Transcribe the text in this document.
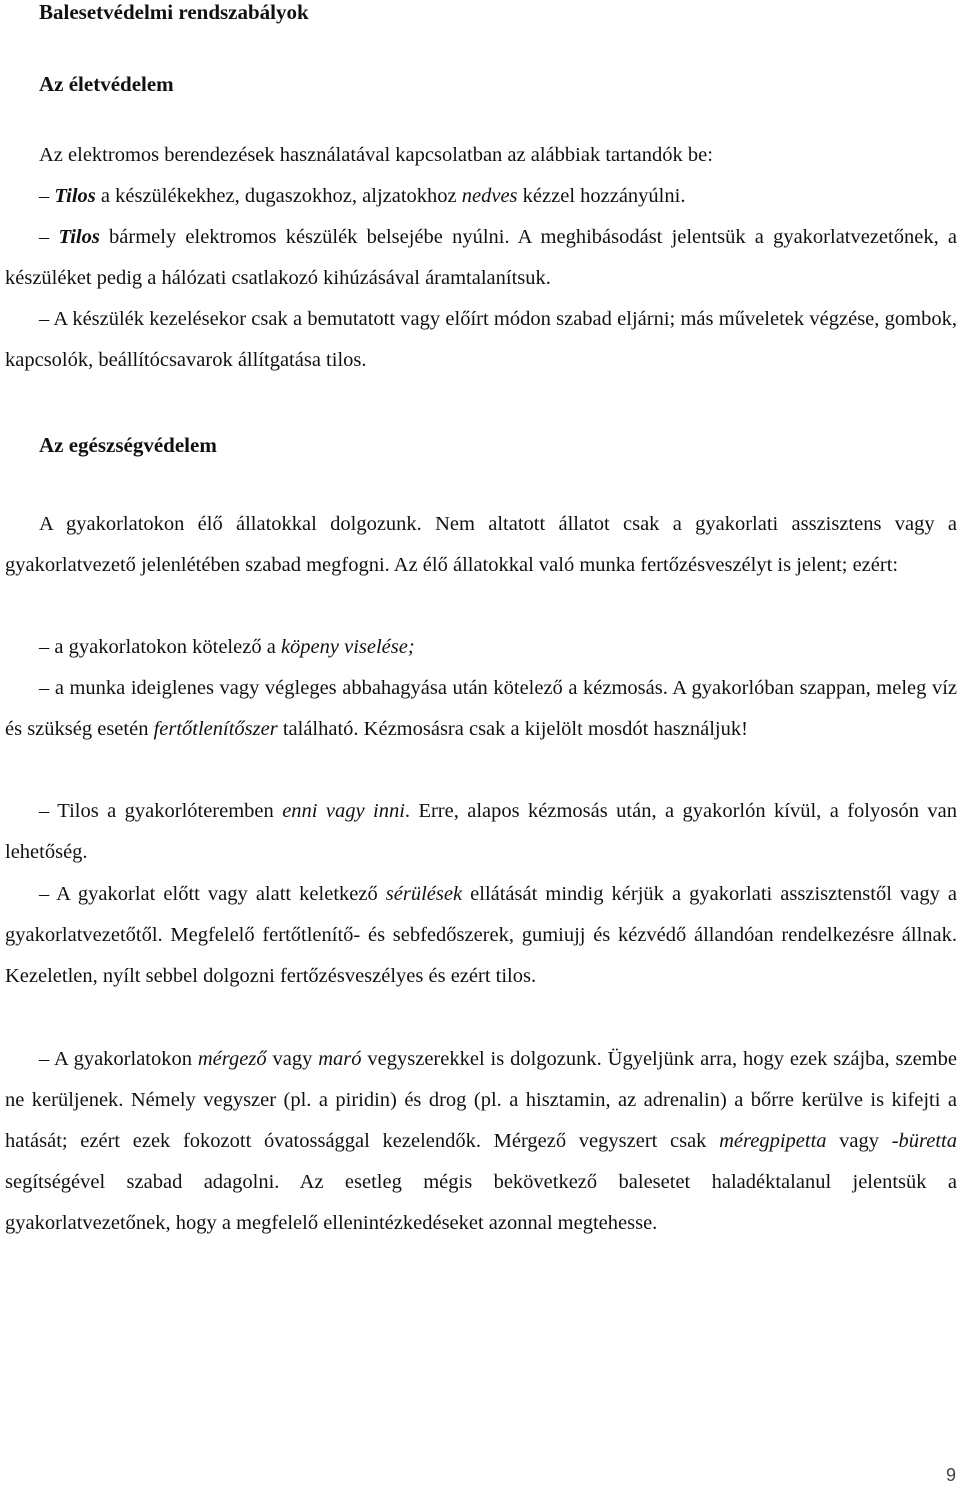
Balesetvédelmi rendszabályok
Az életvédelem

Az elektromos berendezések használatával kapcsolatban az alábbiak tartandók be:

– Tilos a készülékekhez, dugaszokhoz, aljzatokhoz nedves kézzel hozzányúlni.

– Tilos bármely elektromos készülék belsejébe nyúlni. A meghibásodást jelentsük a gyakorlatvezetőnek, a készüléket pedig a hálózati csatlakozó kihúzásával áramtalanítsuk.

– A készülék kezelésekor csak a bemutatott vagy előírt módon szabad eljárni; más műveletek végzése, gombok, kapcsolók, beállítócsavarok állítgatása tilos.

Az egészségvédelem

A gyakorlatokon élő állatokkal dolgozunk. Nem altatott állatot csak a gyakorlati asszisztens vagy a gyakorlatvezető jelenlétében szabad megfogni. Az élő állatokkal való munka fertőzésveszélyt is jelent; ezért:

– a gyakorlatokon kötelező a köpeny viselése;

– a munka ideiglenes vagy végleges abbahagyása után kötelező a kézmosás. A gyakorlóban szappan, meleg víz és szükség esetén fertőtlenítőszer található. Kézmosásra csak a kijelölt mosdót használjuk!

– Tilos a gyakorlóteremben enni vagy inni. Erre, alapos kézmosás után, a gyakorlón kívül, a folyosón van lehetőség.

– A gyakorlat előtt vagy alatt keletkező sérülések ellátását mindig kérjük a gyakorlati asszisztenstől vagy a gyakorlatvezetőtől. Megfelelő fertőtlenítő- és sebfedőszerek, gumiujj és kézvédő állandóan rendelkezésre állnak. Kezeletlen, nyílt sebbel dolgozni fertőzésveszélyes és ezért tilos.

– A gyakorlatokon mérgező vagy maró vegyszerekkel is dolgozunk. Ügyeljünk arra, hogy ezek szájba, szembe ne kerüljenek. Némely vegyszer (pl. a piridin) és drog (pl. a hisztamin, az adrenalin) a bőrre kerülve is kifejti a hatását; ezért ezek fokozott óvatossággal kezelendők. Mérgező vegyszert csak méregpipetta vagy -büretta segítségével szabad adagolni. Az esetleg mégis bekövetkező balesetet haladéktalanul jelentsük a gyakorlatvezetőnek, hogy a megfelelő ellenintézkedéseket azonnal megtehesse.

9
